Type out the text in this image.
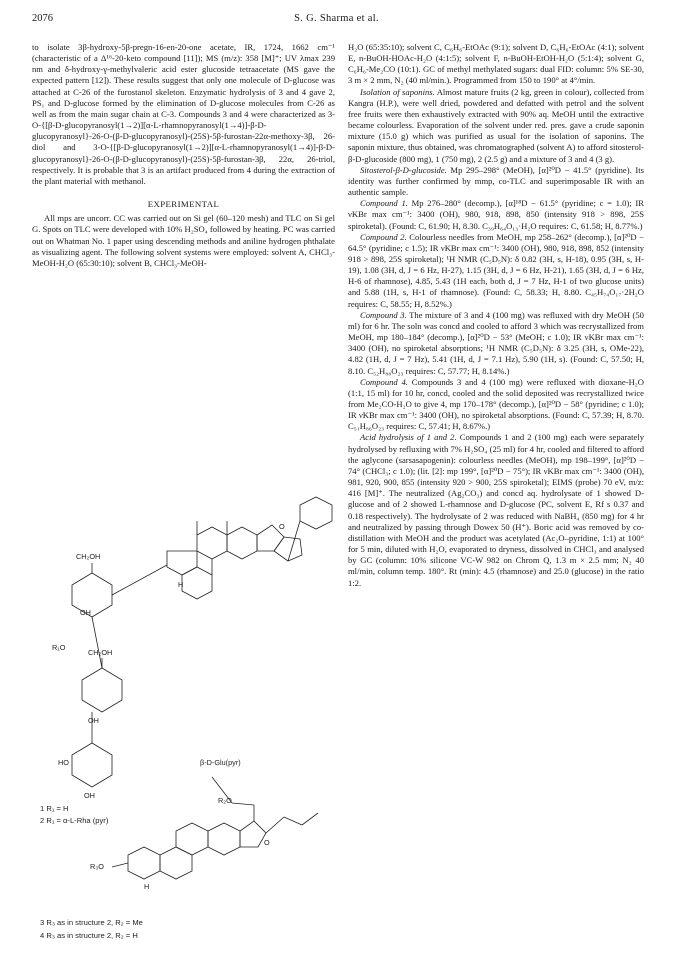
2076	S. G. Sharma et al.

to isolate 3β-hydroxy-5β-pregn-16-en-20-one acetate, IR, 1724, 1662 cm⁻¹ (characteristic of a Δ¹⁶-20-keto compound [11]); MS (m/z): 358 [M]⁺; UV λmax 239 nm and δ-hydroxy-γ-methylvaleric acid ester glucoside tetraacetate (MS gave the expected pattern [12]). These results suggest that only one molecule of D-glucose was attached at C-26 of the furostanol skeleton. Enzymatic hydrolysis of 3 and 4 gave 2, PS₁ and D-glucose formed by the elimination of D-glucose molecules from C-26 as well as from the main sugar chain at C-3. Compounds 3 and 4 were characterized as 3-O-{[β-D-glucopyranosyl(1→2)][α-L-rhamnopyranosyl(1→4)]-β-D-glucopyranosyl}-26-O-(β-D-glucopyranosyl)-(25S)-5β-furostan-22α-methoxy-3β, 26-diol and 3-O-{[β-D-glucopyranosyl(1→2)][α-L-rhamnopyranosyl(1→4)]-β-D-glucopyranosyl}-26-O-(β-D-glucopyranosyl)-(25S)-5β-furostan-3β, 22α, 26-triol, respectively. It is probable that 3 is an artifact produced from 4 during the extraction of the plant material with methanol.

EXPERIMENTAL

All mps are uncorr. CC was carried out on Si gel (60–120 mesh) and TLC on Si gel G. Spots on TLC were developed with 10% H₂SO₄ followed by heating. PC was carried out on Whatman No. 1 paper using descending methods and aniline hydrogen phthalate as visualizing agent. The following solvent systems were employed: solvent A, CHCl₃-MeOH-H₂O (65:30:10); solvent B, CHCl₃-MeOH-

CH₂OH
OH
R₁O
CH₂OH
OH
HO
OH
O
H
1 R₁ = H
2 R₁ = α-L-Rha (pyr)
β-D-Glu(pyr)
R₂O
R₃O
H
O
3 R₃ as in structure 2, R₂ = Me
4 R₃ as in structure 2, R₂ = H

H₂O (65:35:10); solvent C, C₆H₆-EtOAc (9:1); solvent D, C₆H₆-EtOAc (4:1); solvent E, n-BuOH-HOAc-H₂O (4:1:5); solvent F, n-BuOH-EtOH-H₂O (5:1:4); solvent G, C₆H₆-Me₂CO (10:1). GC of methyl methylated sugars: dual FID: column: 5% SE-30, 3 m × 2 mm, N₂ (40 ml/min.). Programmed from 150 to 190° at 4°/min.

Isolation of saponins. Almost mature fruits (2 kg, green in colour), collected from Kangra (H.P.), were well dried, powdered and defatted with petrol and the solvent free fruits were then exhaustively extracted with 90% aq. MeOH until the extractive became colourless. Evaporation of the solvent under red. pres. gave a crude saponin mixture (15.0 g) which was purified as usual for the isolation of saponins. The saponin mixture, thus obtained, was chromatographed (solvent A) to afford sitosterol-β-D-glucoside (800 mg), 1 (750 mg), 2 (2.5 g) and a mixture of 3 and 4 (3 g).

Sitosterol-β-D-glucoside. Mp 295–298° (MeOH), [α]²⁰D − 41.5° (pyridine). Its identity was further confirmed by mmp, co-TLC and superimposable IR with an authentic sample.

Compound 1. Mp 276–280° (decomp.), [α]¹⁸D − 61.5° (pyridine; c = 1.0); IR νKBr max cm⁻¹: 3400 (OH), 980, 918, 898, 850 (intensity 918 > 898, 25S spiroketal). (Found: C, 61.90; H, 8.30. C₃₉H₆₄O₁₃·H₂O requires: C, 61.58; H, 8.77%.)

Compound 2. Colourless needles from MeOH, mp 258–262° (decomp.), [α]²⁰D − 64.5° (pyridine; c 1.5); IR νKBr max cm⁻¹: 3400 (OH), 980, 918, 898, 852 (intensity 918 > 898, 25S spiroketal); ¹H NMR (C₅D₅N): δ 0.82 (3H, s, H-18), 0.95 (3H, s, H-19), 1.08 (3H, d, J = 6 Hz, H-27), 1.15 (3H, d, J = 6 Hz, H-21), 1.65 (3H, d, J = 6 Hz, H-6 of rhamnose), 4.85, 5.43 (1H each, both d, J = 7 Hz, H-1 of two glucose units) and 5.88 (1H, s, H-1 of rhamnose). (Found: C, 58.33; H, 8.80. C₄₅H₇₄O₁₇·2H₂O requires: C, 58.55; H, 8.52%.)

Compound 3. The mixture of 3 and 4 (100 mg) was refluxed with dry MeOH (50 ml) for 6 hr. The soln was concd and cooled to afford 3 which was recrystallized from MeOH, mp 180–184° (decomp.), [α]²⁰D − 53° (MeOH; c 1.0); IR νKBr max cm⁻¹: 3400 (OH), no spiroketal absorptions; ¹H NMR (C₅D₅N): δ 3.25 (3H, s, OMe-22), 4.82 (1H, d, J = 7 Hz), 5.41 (1H, d, J = 7.1 Hz), 5.90 (1H, s). (Found: C, 57.50; H, 8.10. C₅₂H₈₈O₂₃ requires: C, 57.77; H, 8.14%.)

Compound 4. Compounds 3 and 4 (100 mg) were refluxed with dioxane-H₂O (1:1, 15 ml) for 10 hr, concd, cooled and the solid deposited was recrystallized twice from Me₂CO-H₂O to give 4, mp 170–178° (decomp.), [α]²⁰D − 58° (pyridine; c 1.0); IR νKBr max cm⁻¹: 3400 (OH), no spiroketal absorptions. (Found: C, 57.39; H, 8.70. C₅₁H₈₆O₂₃ requires: C, 57.41; H, 8.67%.)

Acid hydrolysis of 1 and 2. Compounds 1 and 2 (100 mg) each were separately hydrolysed by refluxing with 7% H₂SO₄ (25 ml) for 4 hr, cooled and filtered to afford the aglycone (sarsasapogenin): colourless needles (MeOH), mp 198–199°, [α]²⁰D − 74° (CHCl₃; c 1.0); (lit. [2]: mp 199°, [α]²⁰D − 75°); IR νKBr max cm⁻¹: 3400 (OH), 981, 920, 900, 855 (intensity 920 > 900, 25S spiroketal); EIMS (probe) 70 eV, m/z: 416 [M]⁺. The neutralized (Ag₂CO₃) and concd aq. hydrolysate of 1 showed D-glucose and of 2 showed L-rhamnose and D-glucose (PC, solvent E, Rf s 0.37 and 0.18 respectively). The hydrolysate of 2 was reduced with NaBH₄ (850 mg) for 4 hr and neutralized by passing through Dowex 50 (H⁺). Boric acid was removed by co-distillation with MeOH and the product was acetylated (Ac₂O–pyridine, 1:1) at 100° for 5 min, diluted with H₂O, evaporated to dryness, dissolved in CHCl₃ and analysed by GC (column: 10% silicone VC-W 982 on Chrom Q, 1.3 m × 2.5 mm; N₂ 40 ml/min, column temp. 180°. Rt (min): 4.5 (rhamnose) and 25.0 (glucose) in the ratio 1:2.
